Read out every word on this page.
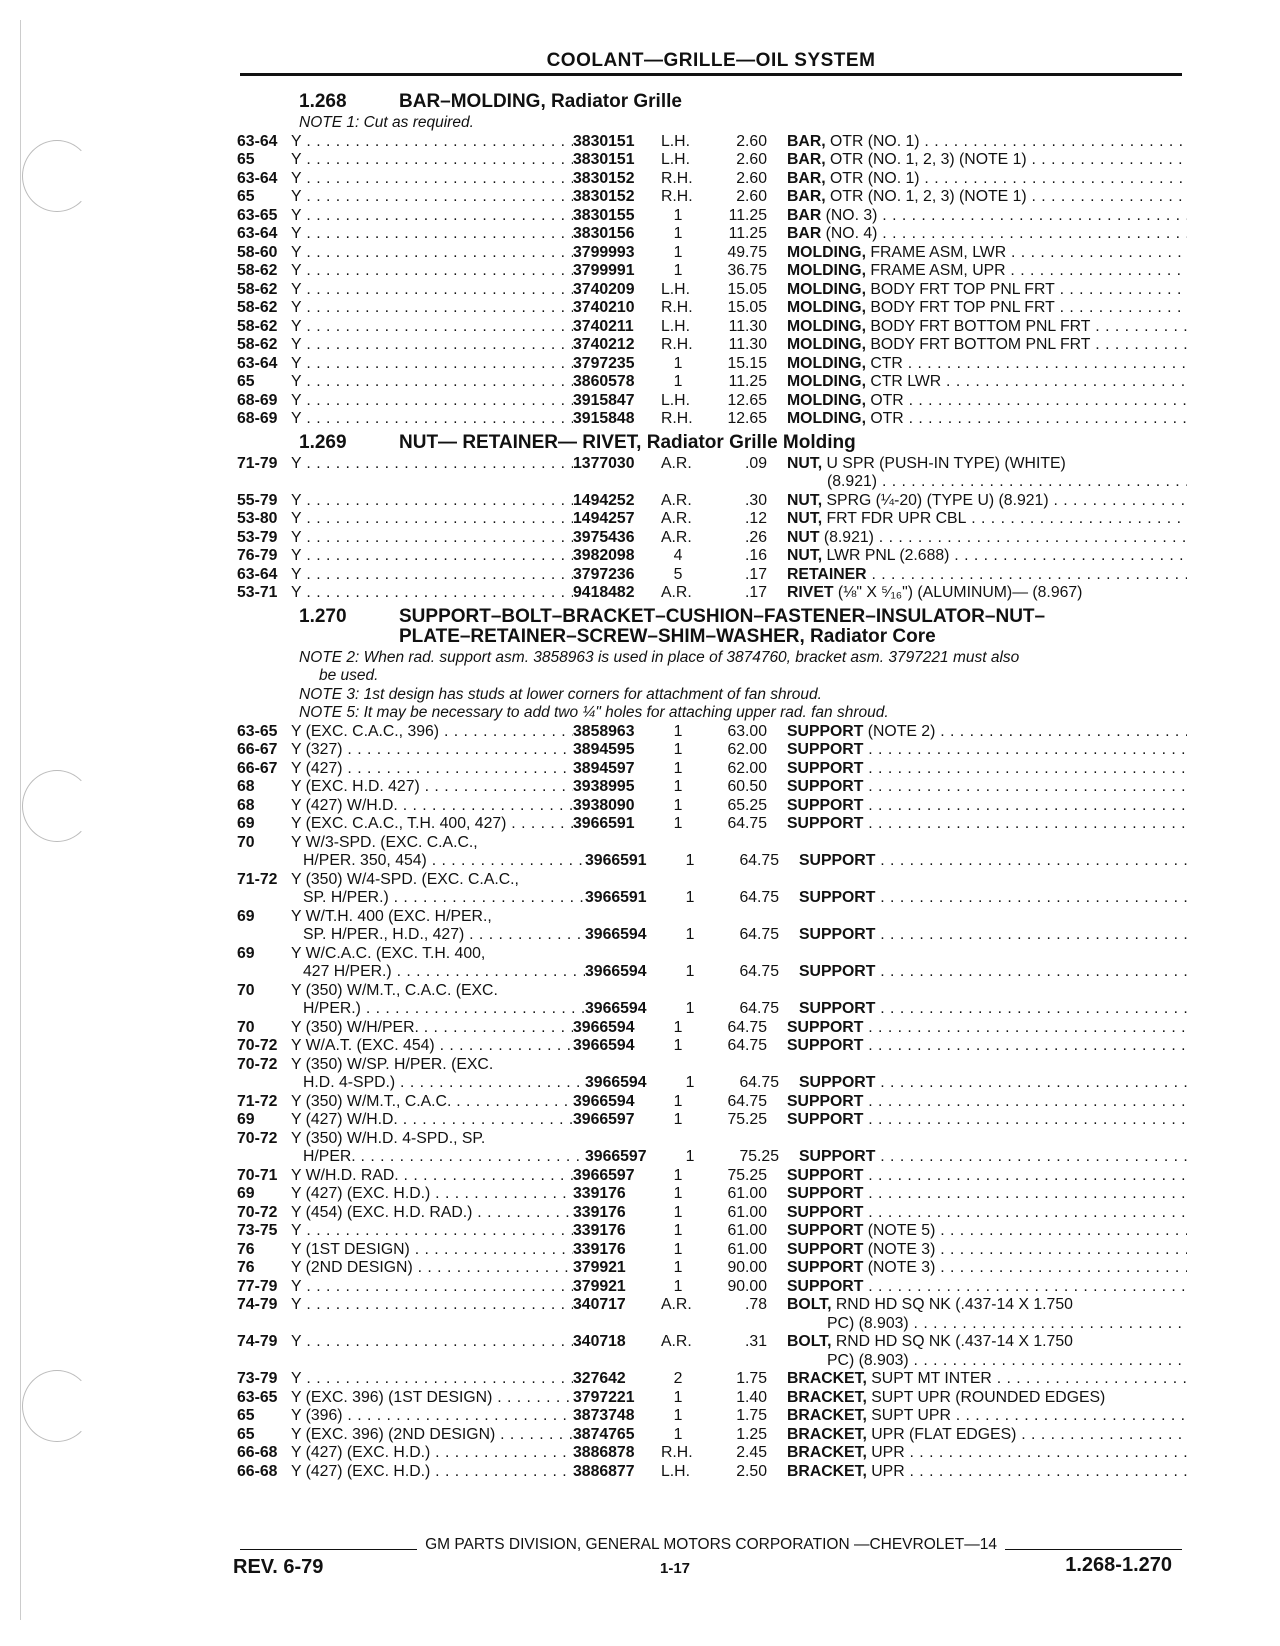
COOLANT—GRILLE—OIL SYSTEM
1.268	BAR–MOLDING, Radiator Grille
NOTE 1: Cut as required.
63-64 Y . . .	3830151	L.H.	2.60	BAR, OTR (NO. 1) . . .
65	Y . . .	3830151	L.H.	2.60	BAR, OTR (NO. 1, 2, 3) (NOTE 1) . . .
63-64 Y . . .	3830152	R.H.	2.60	BAR, OTR (NO. 1) . . .
65	Y . . .	3830152	R.H.	2.60	BAR, OTR (NO. 1, 2, 3) (NOTE 1) . . .
63-65 Y . . .	3830155	1	11.25	BAR (NO. 3) . . .
63-64 Y . . .	3830156	1	11.25	BAR (NO. 4) . . .
58-60 Y . . .	3799993	1	49.75	MOLDING, FRAME ASM, LWR . . .
58-62 Y . . .	3799991	1	36.75	MOLDING, FRAME ASM, UPR . . .
58-62 Y . . .	3740209	L.H.	15.05	MOLDING, BODY FRT TOP PNL FRT . . .
58-62 Y . . .	3740210	R.H.	15.05	MOLDING, BODY FRT TOP PNL FRT . . .
58-62 Y . . .	3740211	L.H.	11.30	MOLDING, BODY FRT BOTTOM PNL FRT . . .
58-62 Y . . .	3740212	R.H.	11.30	MOLDING, BODY FRT BOTTOM PNL FRT . . .
63-64 Y . . .	3797235	1	15.15	MOLDING, CTR . . .
65	Y . . .	3860578	1	11.25	MOLDING, CTR LWR . . .
68-69 Y . . .	3915847	L.H.	12.65	MOLDING, OTR . . .
68-69 Y . . .	3915848	R.H.	12.65	MOLDING, OTR . . .
1.269	NUT— RETAINER— RIVET, Radiator Grille Molding
71-79 Y . . .	1377030	A.R.	.09	NUT, U SPR (PUSH-IN TYPE) (WHITE)
(8.921) . . .
55-79 Y . . .	1494252	A.R.	.30	NUT, SPRG (¼-20) (TYPE U) (8.921) . . .
53-80 Y . . .	1494257	A.R.	.12	NUT, FRT FDR UPR CBL . . .
53-79 Y . . .	3975436	A.R.	.26	NUT (8.921) . . .
76-79 Y . . .	3982098	4	.16	NUT, LWR PNL (2.688) . . .
63-64 Y . . .	3797236	5	.17	RETAINER . . .
53-71 Y . . .	9418482	A.R.	.17	RIVET (⅛" X ⁵⁄₁₆") (ALUMINUM)— (8.967)
1.270	SUPPORT–BOLT–BRACKET–CUSHION–FASTENER–INSULATOR–NUT–
PLATE–RETAINER–SCREW–SHIM–WASHER, Radiator Core
NOTE 2: When rad. support asm. 3858963 is used in place of 3874760, bracket asm. 3797221 must also
be used.
NOTE 3: 1st design has studs at lower corners for attachment of fan shroud.
NOTE 5: It may be necessary to add two ¼" holes for attaching upper rad. fan shroud.
63-65 Y (EXC. C.A.C., 396) . . .	3858963	1	63.00	SUPPORT (NOTE 2) . . .
66-67 Y (327) . . .	3894595	1	62.00	SUPPORT . . .
66-67 Y (427) . . .	3894597	1	62.00	SUPPORT . . .
68	Y (EXC. H.D. 427) . . .	3938995	1	60.50	SUPPORT . . .
68	Y (427) W/H.D. . . .	3938090	1	65.25	SUPPORT . . .
69	Y (EXC. C.A.C., T.H. 400, 427) . . .	3966591	1	64.75	SUPPORT . . .
70	Y W/3-SPD. (EXC. C.A.C.,
H/PER. 350, 454) . . .	3966591	1	64.75	SUPPORT . . .
71-72 Y (350) W/4-SPD. (EXC. C.A.C.,
SP. H/PER.) . . .	3966591	1	64.75	SUPPORT . . .
69	Y W/T.H. 400 (EXC. H/PER.,
SP. H/PER., H.D., 427) . . .	3966594	1	64.75	SUPPORT . . .
69	Y W/C.A.C. (EXC. T.H. 400,
427 H/PER.) . . .	3966594	1	64.75	SUPPORT . . .
70	Y (350) W/M.T., C.A.C. (EXC.
H/PER.) . . .	3966594	1	64.75	SUPPORT . . .
70	Y (350) W/H/PER. . . .	3966594	1	64.75	SUPPORT . . .
70-72 Y W/A.T. (EXC. 454) . . .	3966594	1	64.75	SUPPORT . . .
70-72 Y (350) W/SP. H/PER. (EXC.
H.D. 4-SPD.) . . .	3966594	1	64.75	SUPPORT . . .
71-72 Y (350) W/M.T., C.A.C. . . .	3966594	1	64.75	SUPPORT . . .
69	Y (427) W/H.D. . . .	3966597	1	75.25	SUPPORT . . .
70-72 Y (350) W/H.D. 4-SPD., SP.
H/PER. . . .	3966597	1	75.25	SUPPORT . . .
70-71 Y W/H.D. RAD. . . .	3966597	1	75.25	SUPPORT . . .
69	Y (427) (EXC. H.D.) . . .	339176	1	61.00	SUPPORT . . .
70-72 Y (454) (EXC. H.D. RAD.) . . .	339176	1	61.00	SUPPORT . . .
73-75 Y . . .	339176	1	61.00	SUPPORT (NOTE 5) . . .
76	Y (1ST DESIGN) . . .	339176	1	61.00	SUPPORT (NOTE 3) . . .
76	Y (2ND DESIGN) . . .	379921	1	90.00	SUPPORT (NOTE 3) . . .
77-79 Y . . .	379921	1	90.00	SUPPORT . . .
74-79 Y . . .	340717	A.R.	.78	BOLT, RND HD SQ NK (.437-14 X 1.750
PC) (8.903) . . .
74-79 Y . . .	340718	A.R.	.31	BOLT, RND HD SQ NK (.437-14 X 1.750
PC) (8.903) . . .
73-79 Y . . .	327642	2	1.75	BRACKET, SUPT MT INTER . . .
63-65 Y (EXC. 396) (1ST DESIGN) . . .	3797221	1	1.40	BRACKET, SUPT UPR (ROUNDED EDGES)
65	Y (396) . . .	3873748	1	1.75	BRACKET, SUPT UPR . . .
65	Y (EXC. 396) (2ND DESIGN) . . .	3874765	1	1.25	BRACKET, UPR (FLAT EDGES) . . .
66-68 Y (427) (EXC. H.D.) . . .	3886878	R.H.	2.45	BRACKET, UPR . . .
66-68 Y (427) (EXC. H.D.) . . .	3886877	L.H.	2.50	BRACKET, UPR . . .
GM PARTS DIVISION, GENERAL MOTORS CORPORATION —CHEVROLET—14
REV. 6-79	1-17	1.268-1.270
